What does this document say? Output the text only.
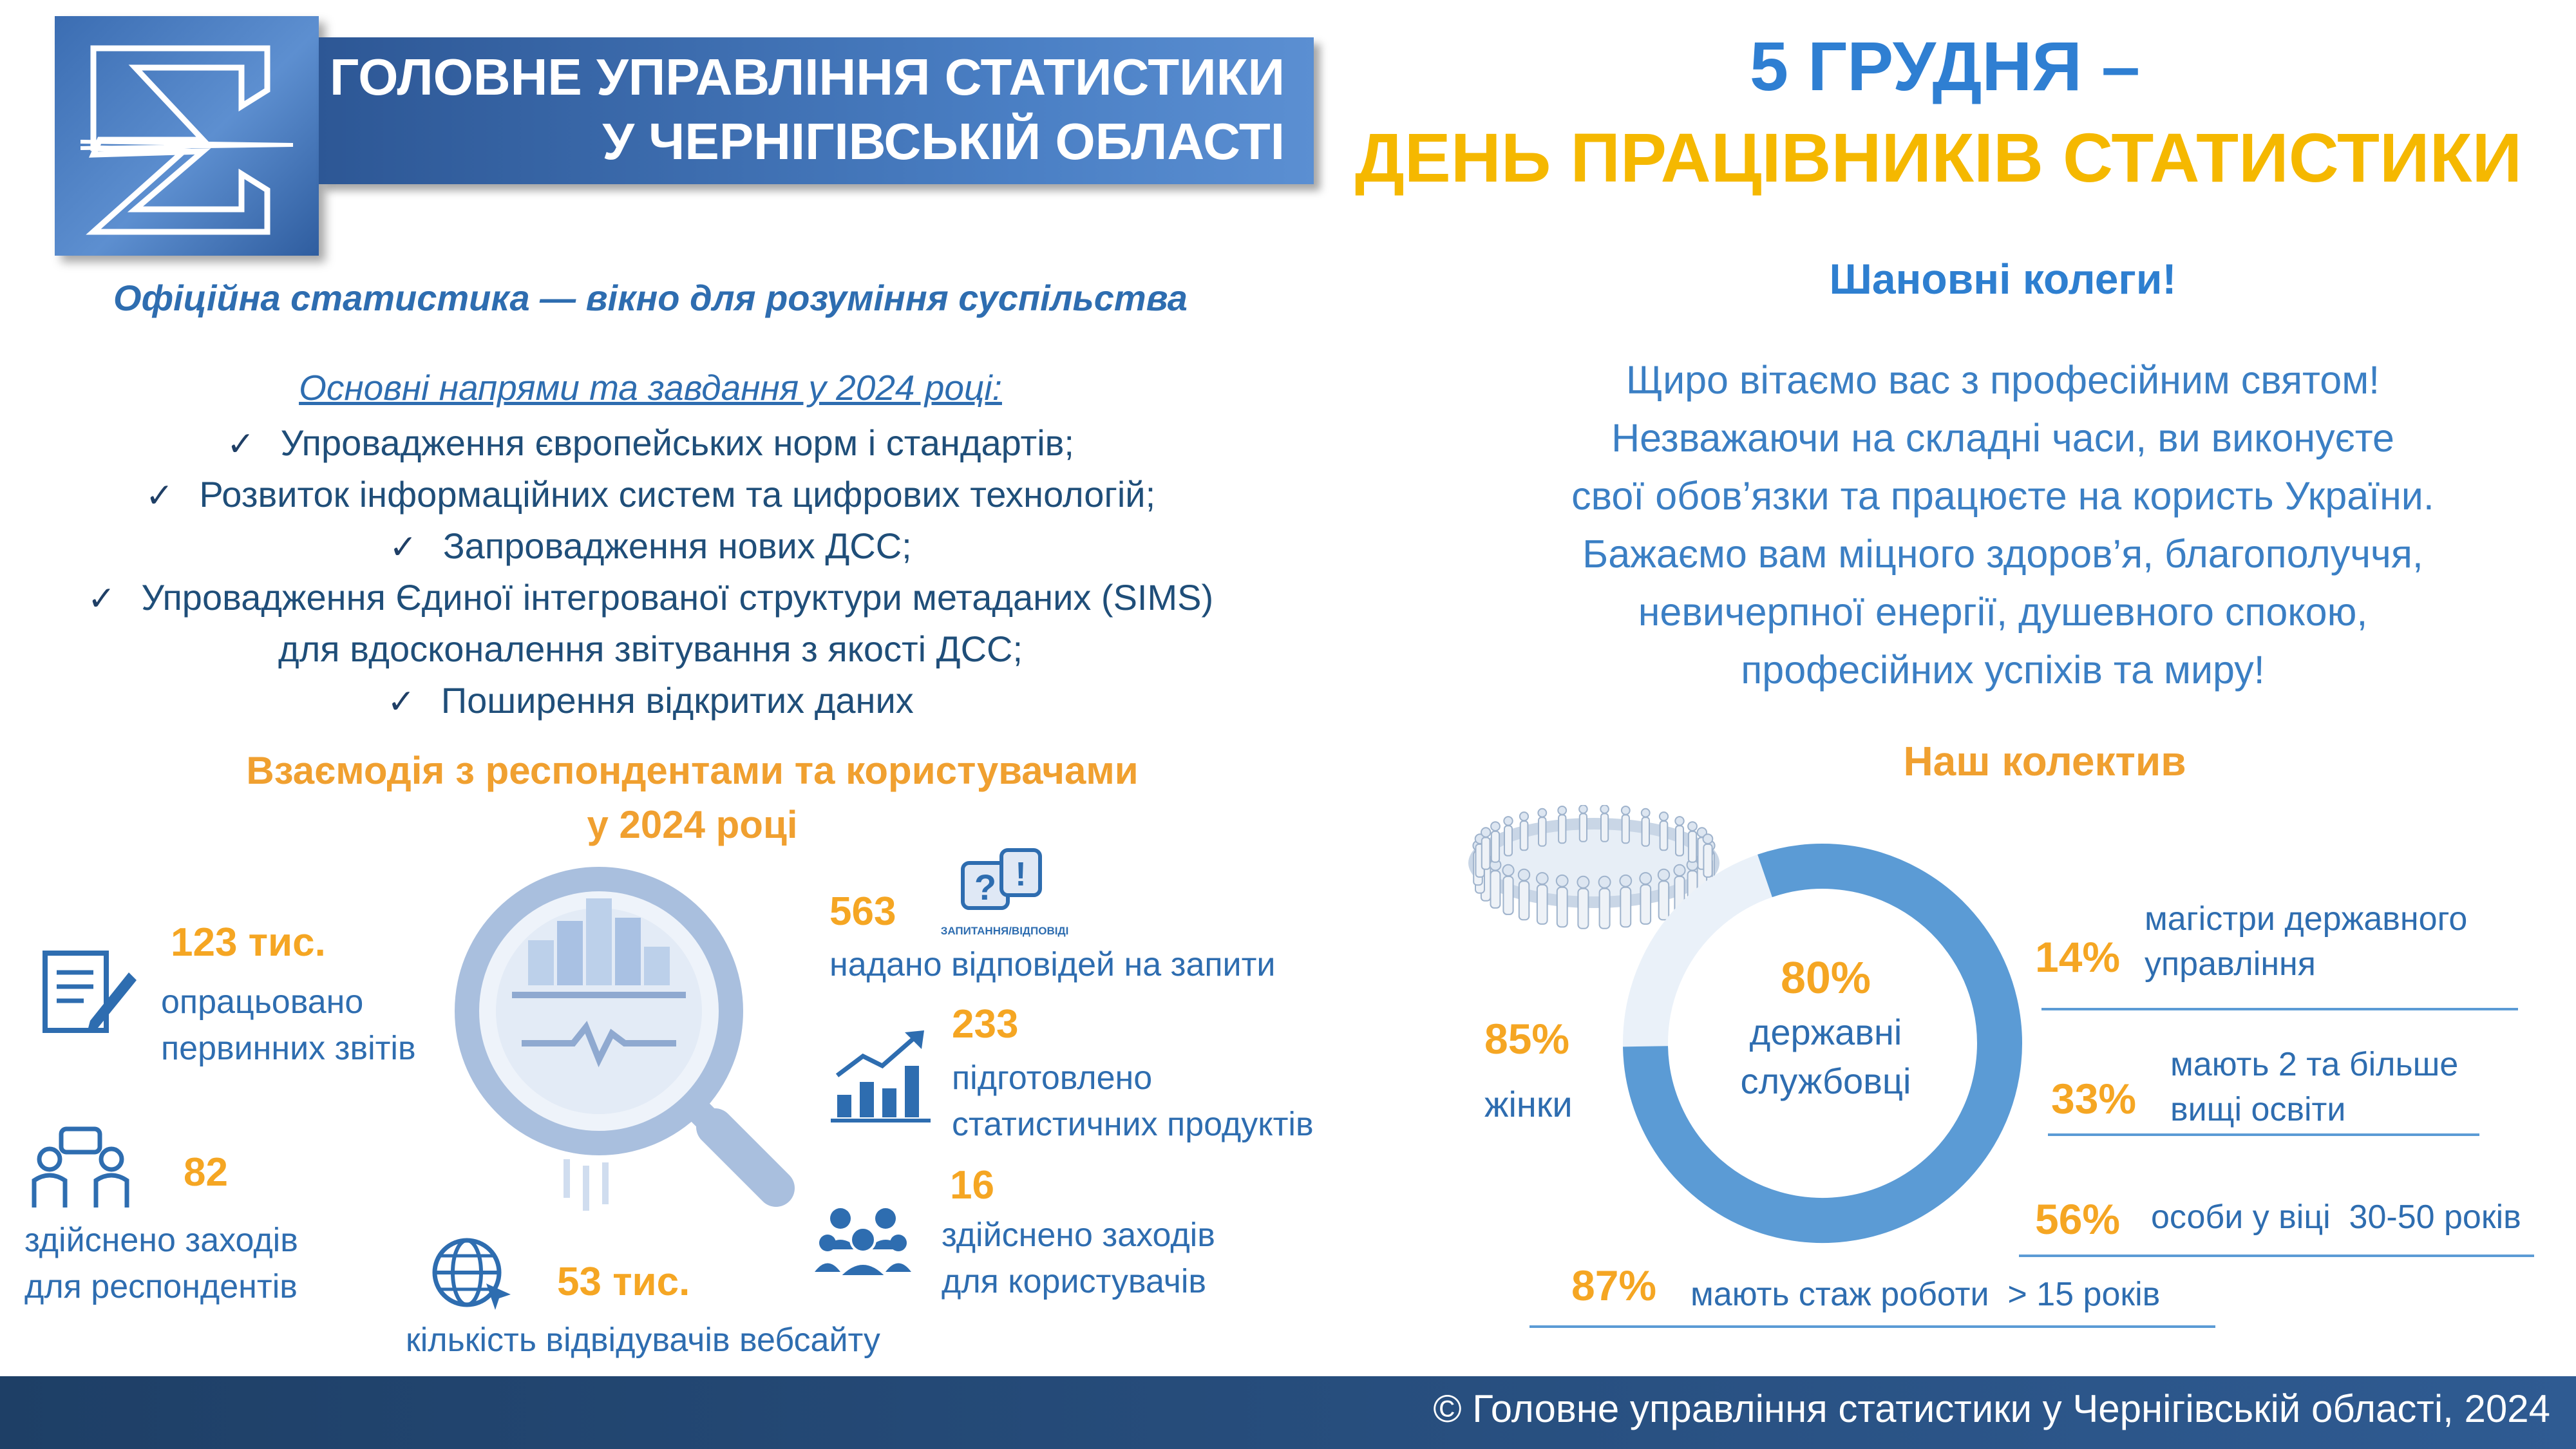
ГОЛОВНЕ УПРАВЛІННЯ СТАТИСТИКИ
У ЧЕРНІГІВСЬКІЙ ОБЛАСТІ
5 ГРУДНЯ –
ДЕНЬ ПРАЦІВНИКІВ СТАТИСТИКИ
Офіційна статистика — вікно для розуміння суспільства
Основні напрями та завдання у 2024 році:
✓ Упровадження європейських норм і стандартів;
✓ Розвиток інформаційних систем та цифрових технологій;
✓ Запровадження нових ДСС;
✓ Упровадження Єдиної інтегрованої структури метаданих (SIMS)
для вдосконалення звітування з якості ДСС;
✓ Поширення відкритих даних
Взаємодія з респондентами та користувачами
у 2024 році
123 тис.
опрацьовано
первинних звітів
82
здійснено заходів
для респондентів	53 тис.
кількість відвідувачів вебсайту
? !
ЗАПИТАННЯ/ВІДПОВІДІ
563
надано відповідей на запити
233
підготовлено
статистичних продуктів
16
здійснено заходів
для користувачів
Шановні колеги!
Щиро вітаємо вас з професійним святом!
Незважаючи на складні часи, ви виконуєте
свої обов’язки та працюєте на користь України.
Бажаємо вам міцного здоров’я, благополуччя,
невичерпної енергії, душевного спокою,
професійних успіхів та миру!
Наш колектив
80%
державні
службовці
85%
жінки
14%
магістри державного
управління
33%
мають 2 та більше
вищі освіти
56% особи у віці  30-50 років
87% мають стаж роботи  > 15 років
© Головне управління статистики у Чернігівській області, 2024
